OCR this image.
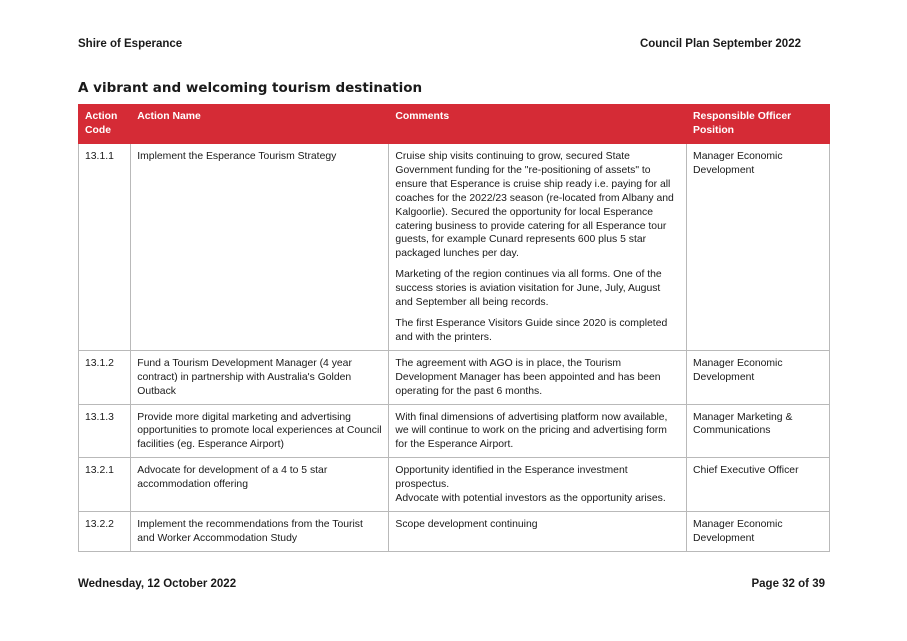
Shire of Esperance	Council Plan September 2022
A vibrant and welcoming tourism destination
Action Code	Action Name	Comments	Responsible Officer Position
13.1.1	Implement the Esperance Tourism Strategy	Cruise ship visits continuing to grow, secured State Government funding for the "re-positioning of assets" to ensure that Esperance is cruise ship ready i.e. paying for all coaches for the 2022/23 season (re-located from Albany and Kalgoorlie). Secured the opportunity for local Esperance catering business to provide catering for all Esperance tour guests, for example Cunard represents 600 plus 5 star packaged lunches per day.

Marketing of the region continues via all forms. One of the success stories is aviation visitation for June, July, August and September all being records.

The first Esperance Visitors Guide since 2020 is completed and with the printers.	Manager Economic Development
13.1.2	Fund a Tourism Development Manager (4 year contract) in partnership with Australia's Golden Outback	The agreement with AGO is in place, the Tourism Development Manager has been appointed and has been operating for the past 6 months.	Manager Economic Development
13.1.3	Provide more digital marketing and advertising opportunities to promote local experiences at Council facilities (eg. Esperance Airport)	With final dimensions of advertising platform now available, we will continue to work on the pricing and advertising form for the Esperance Airport.	Manager Marketing & Communications
13.2.1	Advocate for development of a 4 to 5 star accommodation offering	Opportunity identified in the Esperance investment prospectus.
Advocate with potential investors as the opportunity arises.	Chief Executive Officer
13.2.2	Implement the recommendations from the Tourist and Worker Accommodation Study	Scope development continuing	Manager Economic Development
Wednesday, 12 October 2022	Page 32 of 39
